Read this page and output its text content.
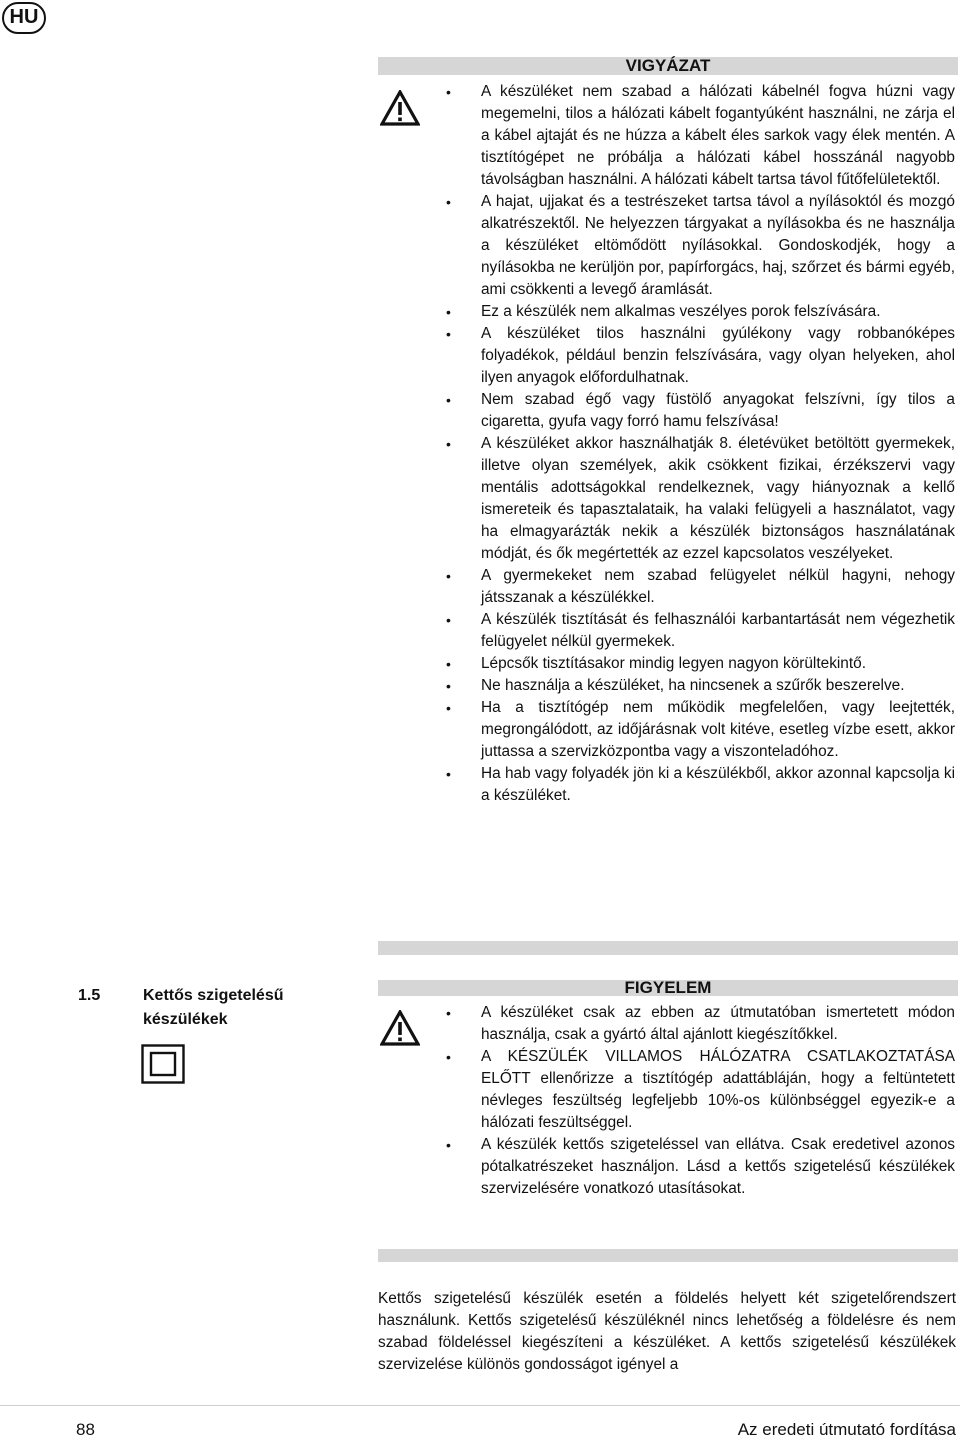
HU
VIGYÁZAT
• A készüléket nem szabad a hálózati kábelnél fogva húzni vagy megemelni, tilos a hálózati kábelt fogantyúként használni, ne zárja el a kábel ajtaját és ne húzza a kábelt éles sarkok vagy élek mentén. A tisztítógépet ne próbálja a hálózati kábel hosszánál nagyobb távolságban használni. A hálózati kábelt tartsa távol fűtőfelületektől.
• A hajat, ujjakat és a testrészeket tartsa távol a nyílásoktól és mozgó alkatrészektől. Ne helyezzen tárgyakat a nyílásokba és ne használja a készüléket eltömődött nyílásokkal. Gondoskodjék, hogy a nyílásokba ne kerüljön por, papírforgács, haj, szőrzet és bármi egyéb, ami csökkenti a levegő áramlását.
• Ez a készülék nem alkalmas veszélyes porok felszívására.
• A készüléket tilos használni gyúlékony vagy robbanóképes folyadékok, például benzin felszívására, vagy olyan helyeken, ahol ilyen anyagok előfordulhatnak.
• Nem szabad égő vagy füstölő anyagokat felszívni, így tilos a cigaretta, gyufa vagy forró hamu felszívása!
• A készüléket akkor használhatják 8. életévüket betöltött gyermekek, illetve olyan személyek, akik csökkent fizikai, érzékszervi vagy mentális adottságokkal rendelkeznek, vagy hiányoznak a kellő ismereteik és tapasztalataik, ha valaki felügyeli a használatot, vagy ha elmagyarázták nekik a készülék biztonságos használatának módját, és ők megértették az ezzel kapcsolatos veszélyeket.
• A gyermekeket nem szabad felügyelet nélkül hagyni, nehogy játsszanak a készülékkel.
• A készülék tisztítását és felhasználói karbantartását nem végezhetik felügyelet nélkül gyermekek.
• Lépcsők tisztításakor mindig legyen nagyon körültekintő.
• Ne használja a készüléket, ha nincsenek a szűrők beszerelve.
• Ha a tisztítógép nem működik megfelelően, vagy leejtették, megrongálódott, az időjárásnak volt kitéve, esetleg vízbe esett, akkor juttassa a szervizközpontba vagy a viszonteladóhoz.
• Ha hab vagy folyadék jön ki a készülékből, akkor azonnal kapcsolja ki a készüléket.
1.5	Kettős szigetelésű készülékek
FIGYELEM
• A készüléket csak az ebben az útmutatóban ismertetett módon használja, csak a gyártó által ajánlott kiegészítőkkel.
• A KÉSZÜLÉK VILLAMOS HÁLÓZATRA CSATLAKOZTATÁSA ELŐTT ellenőrizze a tisztítógép adattábláján, hogy a feltüntetett névleges feszültség legfeljebb 10%-os különbséggel egyezik-e a hálózati feszültséggel.
• A készülék kettős szigeteléssel van ellátva. Csak eredetivel azonos pótalkatrészeket használjon. Lásd a kettős szigetelésű készülékek szervizelésére vonatkozó utasításokat.

Kettős szigetelésű készülék esetén a földelés helyett két szigetelőrendszert használunk. Kettős szigetelésű készüléknél nincs lehetőség a földelésre és nem szabad földeléssel kiegészíteni a készüléket. A kettős szigetelésű készülékek szervizelése különös gondosságot igényel a

88	Az eredeti útmutató fordítása
